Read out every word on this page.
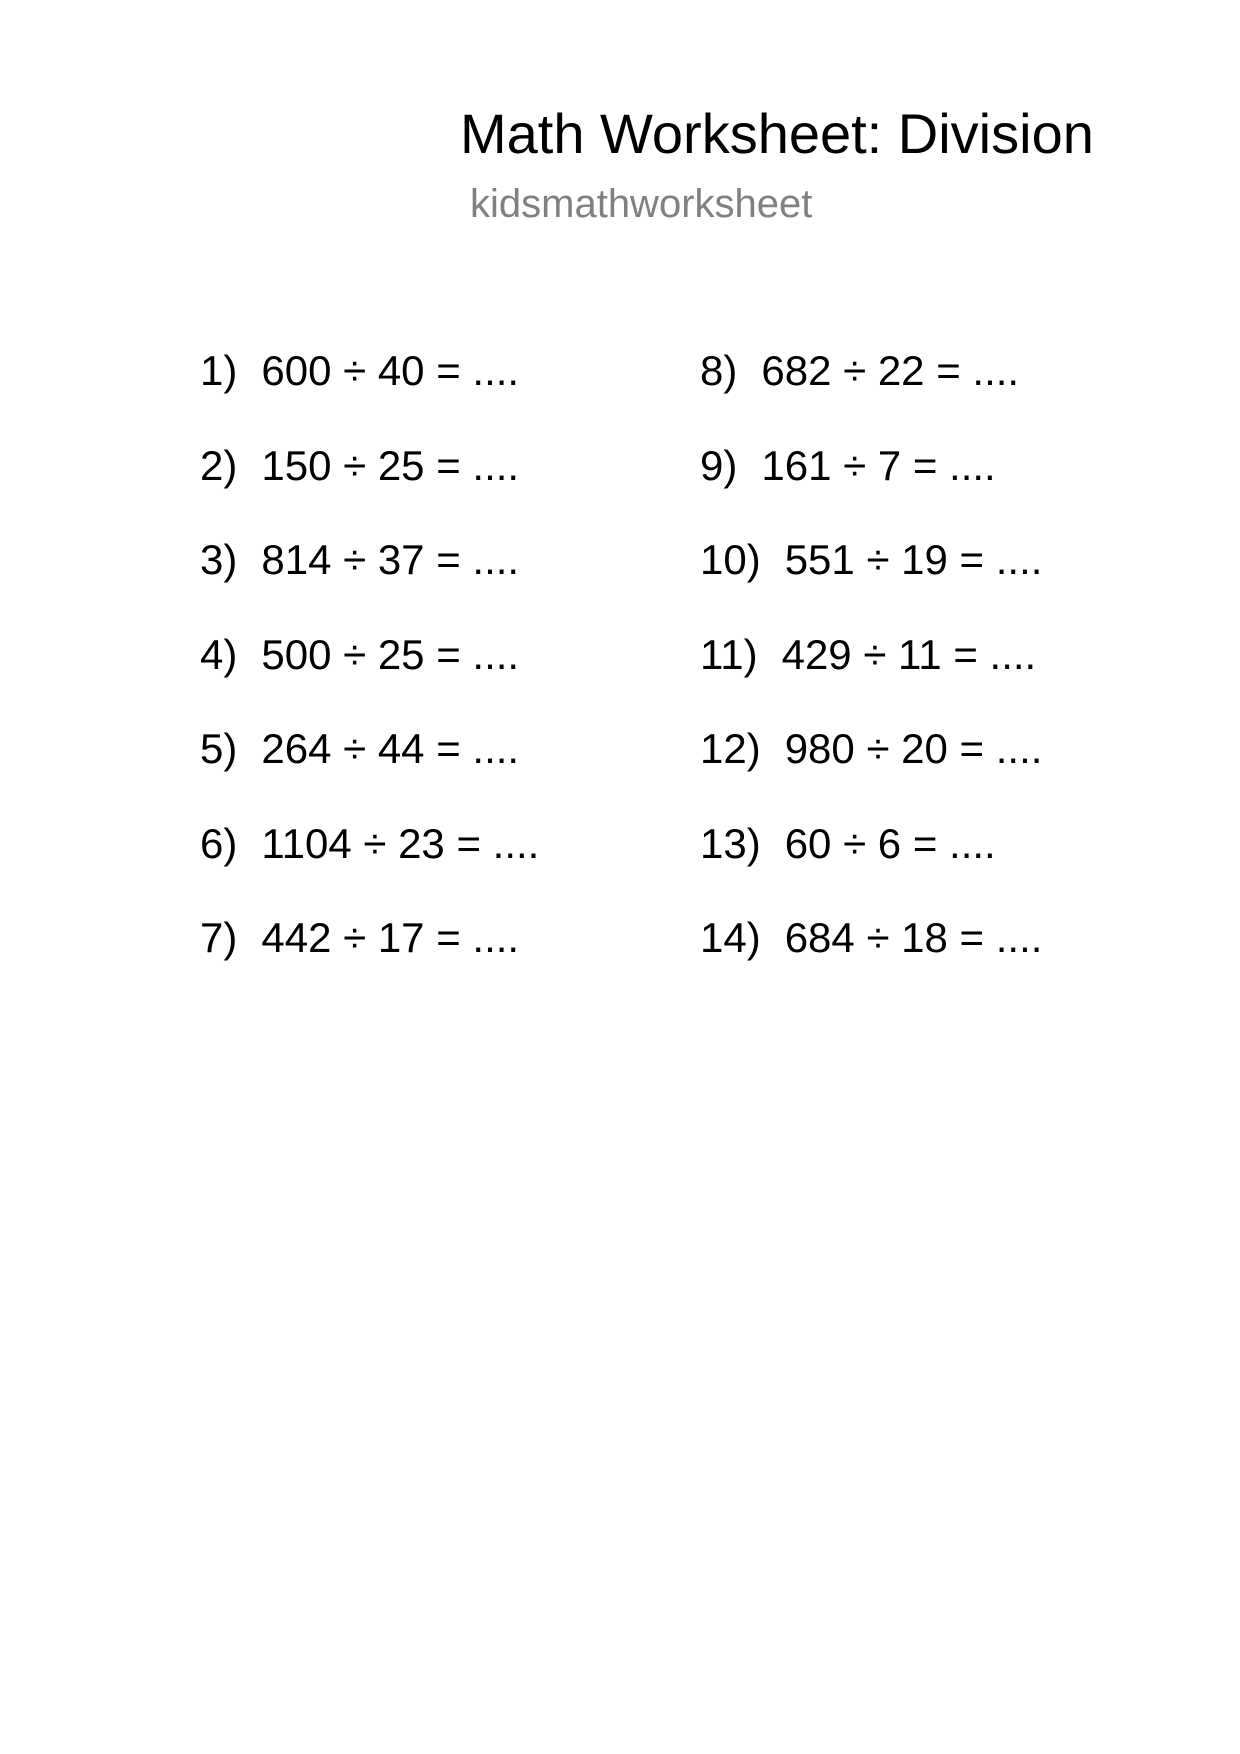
Math Worksheet: Division
kidsmathworksheet
1) 600 ÷ 40 = ....
2) 150 ÷ 25 = ....
3) 814 ÷ 37 = ....
4) 500 ÷ 25 = ....
5) 264 ÷ 44 = ....
6) 1104 ÷ 23 = ....
7) 442 ÷ 17 = ....
8) 682 ÷ 22 = ....
9) 161 ÷ 7 = ....
10) 551 ÷ 19 = ....
11) 429 ÷ 11 = ....
12) 980 ÷ 20 = ....
13) 60 ÷ 6 = ....
14) 684 ÷ 18 = ....
